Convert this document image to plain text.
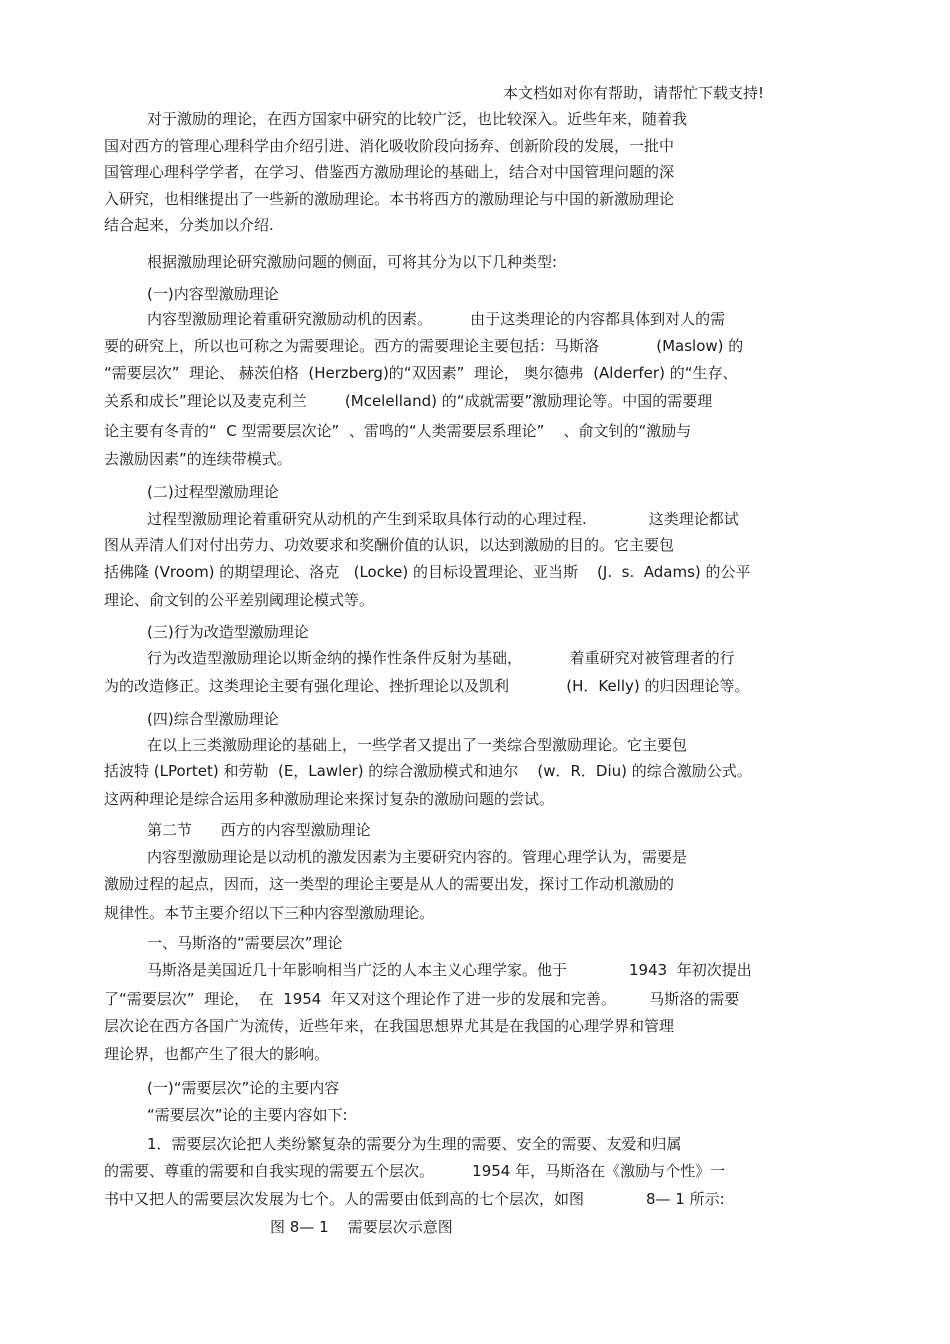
本文档如对你有帮助，请帮忙下载支持!
对于激励的理论，在西方国家中研究的比较广泛，也比较深入。近些年来，随着我
国对西方的管理心理科学由介绍引进、消化吸收阶段向扬弃、创新阶段的发展，一批中
国管理心理科学学者，在学习、借鉴西方激励理论的基础上，结合对中国管理问题的深
入研究，也相继提出了一些新的激励理论。本书将西方的激励理论与中国的新激励理论
结合起来，分类加以介绍.
根据激励理论研究激励问题的侧面，可将其分为以下几种类型:
(一)内容型激励理论
内容型激励理论着重研究激励动机的因素。        由于这类理论的内容都具体到对人的需
要的研究上，所以也可称之为需要理论。西方的需要理论主要包括：马斯洛            (Maslow) 的
“需要层次”  理论、 赫茨伯格  (Herzberg)的“双因素”  理论， 奥尔德弗  (Alderfer) 的“生存、
关系和成长”理论以及麦克利兰        (Mcelelland) 的“成就需要”激励理论等。中国的需要理
论主要有冬青的“  C 型需要层次论”  、雷鸣的“人类需要层系理论”    、俞文钊的“激励与
去激励因素”的连续带模式。
(二)过程型激励理论
过程型激励理论着重研究从动机的产生到采取具体行动的心理过程.             这类理论都试
图从弄清人们对付出劳力、功效要求和奖酬价值的认识，以达到激励的目的。它主要包
括佛隆 (Vroom) 的期望理论、洛克   (Locke) 的目标设置理论、亚当斯    (J.  s.  Adams) 的公平
理论、俞文钊的公平差别阈理论模式等。
(三)行为改造型激励理论
行为改造型激励理论以斯金纳的操作性条件反射为基础，          着重研究对被管理者的行
为的改造修正。这类理论主要有强化理论、挫折理论以及凯利            (H．Kelly) 的归因理论等。
(四)综合型激励理论
在以上三类激励理论的基础上，一些学者又提出了一类综合型激励理论。它主要包
括波特 (LPortet) 和劳勒  (E，Lawler) 的综合激励模式和迪尔    (w．R．Diu) 的综合激励公式。
这两种理论是综合运用多种激励理论来探讨复杂的激励问题的尝试。
第二节      西方的内容型激励理论
内容型激励理论是以动机的激发因素为主要研究内容的。管理心理学认为，需要是
激励过程的起点，因而，这一类型的理论主要是从人的需要出发，探讨工作动机激励的
规律性。本节主要介绍以下三种内容型激励理论。
一、马斯洛的“需要层次”理论
马斯洛是美国近几十年影响相当广泛的人本主义心理学家。他于             1943  年初次提出
了“需要层次”  理论，  在  1954  年又对这个理论作了进一步的发展和完善。       马斯洛的需要
层次论在西方各国广为流传，近些年来，在我国思想界尤其是在我国的心理学界和管理
理论界，也都产生了很大的影响。
(一)“需要层次”论的主要内容
“需要层次”论的主要内容如下:
1．需要层次论把人类纷繁复杂的需要分为生理的需要、安全的需要、友爱和归属
的需要、尊重的需要和自我实现的需要五个层次。        1954 年，马斯洛在《激励与个性》一
书中又把人的需要层次发展为七个。人的需要由低到高的七个层次，如图             8— 1 所示:
图 8— 1    需要层次示意图
